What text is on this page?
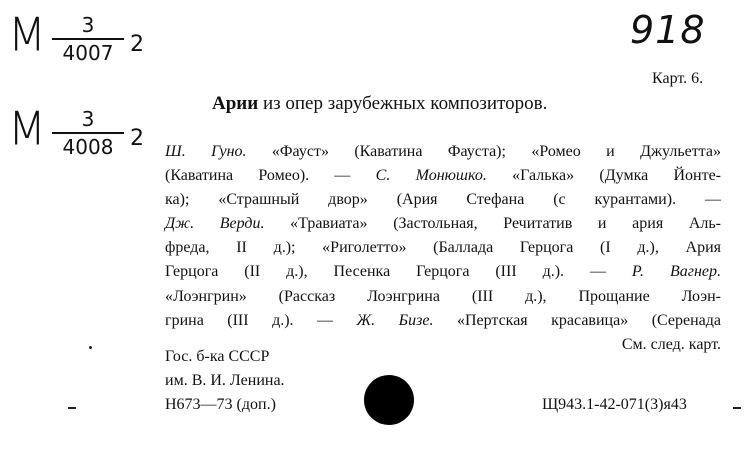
М	3
4007 2
М	3
4008 2
918
Карт. 6.
Арии из опер зарубежных композиторов.
Ш. Гуно. «Фауст» (Каватина Фауста); «Ромео и Джульетта»
(Каватина Ромео). — С. Монюшко. «Галька» (Думка Йонте-
ка); «Страшный двор» (Ария Стефана (с курантами). —
Дж. Верди. «Травиата» (Застольная, Речитатив и ария Аль-
фреда, II д.); «Риголетто» (Баллада Герцога (I д.), Ария
Герцога (II д.), Песенка Герцога (III д.). — Р. Вагнер.
«Лоэнгрин» (Рассказ Лоэнгрина (III д.), Прощание Лоэн-
грина (III д.). — Ж. Бизе. «Пертская красавица» (Серенада
См. след. карт.
Гос. б-ка СССР
им. В. И. Ленина.
Н673—73 (доп.)	Щ943.1-42-071(3)я43
